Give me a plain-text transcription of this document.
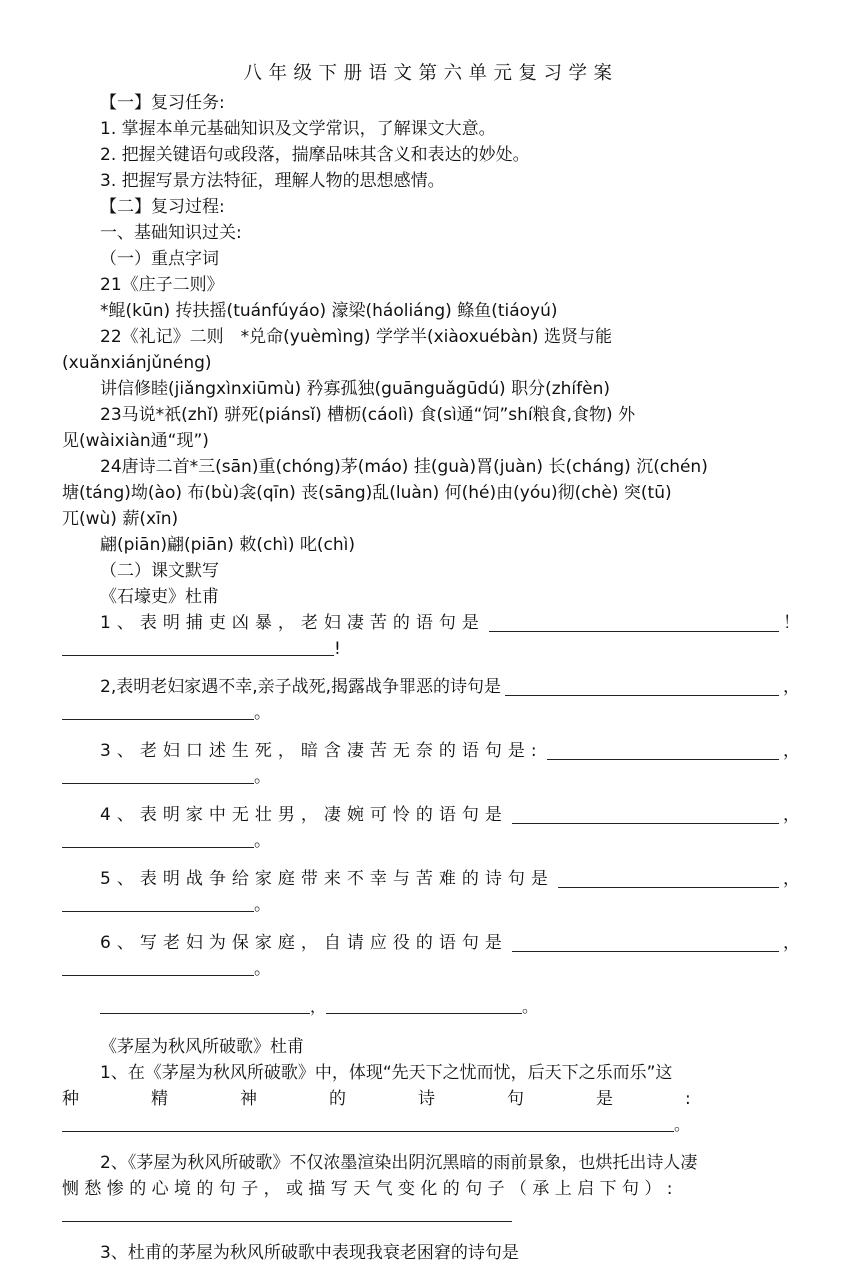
八年级下册语文第六单元复习学案
【一】复习任务:
1. 掌握本单元基础知识及文学常识，了解课文大意。
2. 把握关键语句或段落，揣摩品味其含义和表达的妙处。
3. 把握写景方法特征，理解人物的思想感情。
【二】复习过程:
一、基础知识过关:
（一）重点字词
21《庄子二则》
*鲲(kūn) 抟扶摇(tuánfúyáo) 濠梁(háoliáng) 鲦鱼(tiáoyú)
22《礼记》二则　*兑命(yuèmìng) 学学半(xiàoxuébàn) 选贤与能
(xuǎnxiánjǔnéng)
讲信修睦(jiǎngxìnxiūmù) 矜寡孤独(guānguǎgūdú) 职分(zhífèn)
23马说*祇(zhǐ) 骈死(piánsǐ) 槽枥(cáolì) 食(sì通“饲”shí粮食,食物) 外
见(wàixiàn通“现”)
24唐诗二首*三(sān)重(chóng)茅(máo) 挂(guà)罥(juàn) 长(cháng) 沉(chén)
塘(táng)坳(ào) 布(bù)衾(qīn) 丧(sāng)乱(luàn) 何(hé)由(yóu)彻(chè) 突(tū)
兀(wù) 薪(xīn)
翩(piān)翩(piān) 敕(chì) 叱(chì)
（二）课文默写
《石壕吏》杜甫
1、表明捕吏凶暴，老妇凄苦的语句是	！
!
2,表明老妇家遇不幸,亲子战死,揭露战争罪恶的诗句是	，
。
3、老妇口述生死，暗含凄苦无奈的语句是:	，
。
4、表明家中无壮男，凄婉可怜的语句是	，
。
5、表明战争给家庭带来不幸与苦难的诗句是	，
。
6、写老妇为保家庭，自请应役的语句是	，
。
，	。
《茅屋为秋风所破歌》杜甫
1、在《茅屋为秋风所破歌》中，体现“先天下之忧而忧，后天下之乐而乐”这
种精神的诗句是:
。
2、《茅屋为秋风所破歌》不仅浓墨渲染出阴沉黑暗的雨前景象，也烘托出诗人凄
恻愁惨的心境的句子，或描写天气变化的句子（承上启下句）:
3、杜甫的茅屋为秋风所破歌中表现我衰老困窘的诗句是
